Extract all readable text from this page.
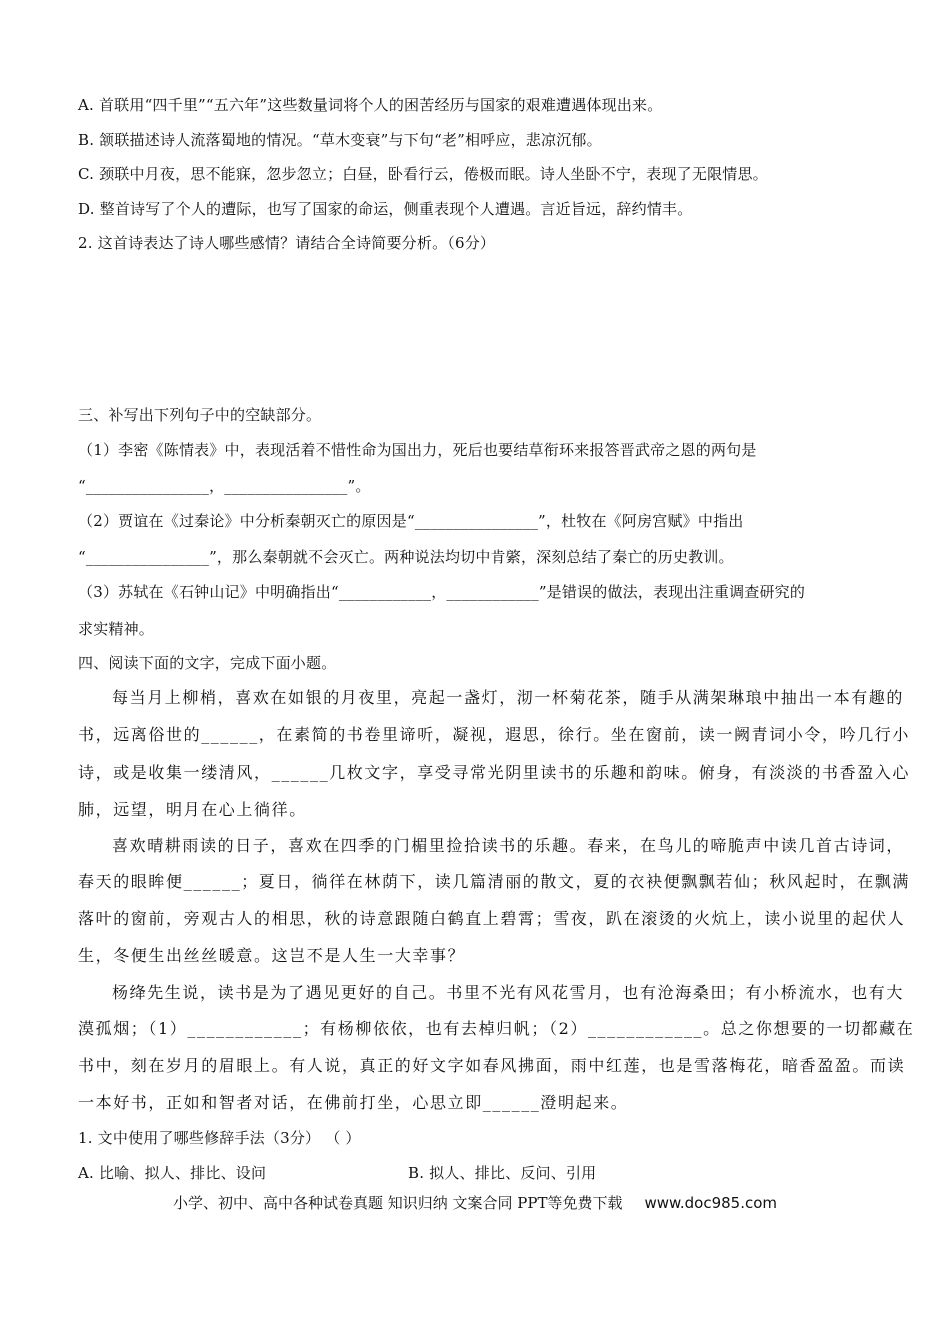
A. 首联用“四千里”“五六年”这些数量词将个人的困苦经历与国家的艰难遭遇体现出来。
B. 颔联描述诗人流落蜀地的情况。“草木变衰”与下句“老”相呼应，悲凉沉郁。
C. 颈联中月夜，思不能寐，忽步忽立；白昼，卧看行云，倦极而眠。诗人坐卧不宁，表现了无限情思。
D. 整首诗写了个人的遭际，也写了国家的命运，侧重表现个人遭遇。言近旨远，辞约情丰。
2. 这首诗表达了诗人哪些感情？请结合全诗简要分析。（6分）
三、补写出下列句子中的空缺部分。
（1）李密《陈情表》中，表现活着不惜性命为国出力，死后也要结草衔环来报答晋武帝之恩的两句是
“________________，________________”。
（2）贾谊在《过秦论》中分析秦朝灭亡的原因是“________________”，杜牧在《阿房宫赋》中指出
“________________”，那么秦朝就不会灭亡。两种说法均切中肯綮，深刻总结了秦亡的历史教训。
（3）苏轼在《石钟山记》中明确指出“____________，____________”是错误的做法，表现出注重调查研究的
求实精神。
四、阅读下面的文字，完成下面小题。
每当月上柳梢，喜欢在如银的月夜里，亮起一盏灯，沏一杯菊花茶，随手从满架琳琅中抽出一本有趣的
书，远离俗世的______，在素简的书卷里谛听，凝视，遐思，徐行。坐在窗前，读一阙青词小令，吟几行小
诗，或是收集一缕清风，______几枚文字，享受寻常光阴里读书的乐趣和韵味。俯身，有淡淡的书香盈入心
肺，远望，明月在心上徜徉。
喜欢晴耕雨读的日子，喜欢在四季的门楣里捡拾读书的乐趣。春来，在鸟儿的啼脆声中读几首古诗词，
春天的眼眸便______；夏日，徜徉在林荫下，读几篇清丽的散文，夏的衣袂便飘飘若仙；秋风起时，在飘满
落叶的窗前，旁观古人的相思，秋的诗意跟随白鹤直上碧霄；雪夜，趴在滚烫的火炕上，读小说里的起伏人
生，冬便生出丝丝暖意。这岂不是人生一大幸事？
杨绛先生说，读书是为了遇见更好的自己。书里不光有风花雪月，也有沧海桑田；有小桥流水，也有大
漠孤烟；（1）____________；有杨柳依依，也有去棹归帆；（2）____________。总之你想要的一切都藏在
书中，刻在岁月的眉眼上。有人说，真正的好文字如春风拂面，雨中红莲，也是雪落梅花，暗香盈盈。而读
一本好书，正如和智者对话，在佛前打坐，心思立即______澄明起来。
1. 文中使用了哪些修辞手法（3分） （ ）
A. 比喻、拟人、排比、设问	B. 拟人、排比、反问、引用
小学、初中、高中各种试卷真题 知识归纳 文案合同 PPT等免费下载 www.doc985.com
